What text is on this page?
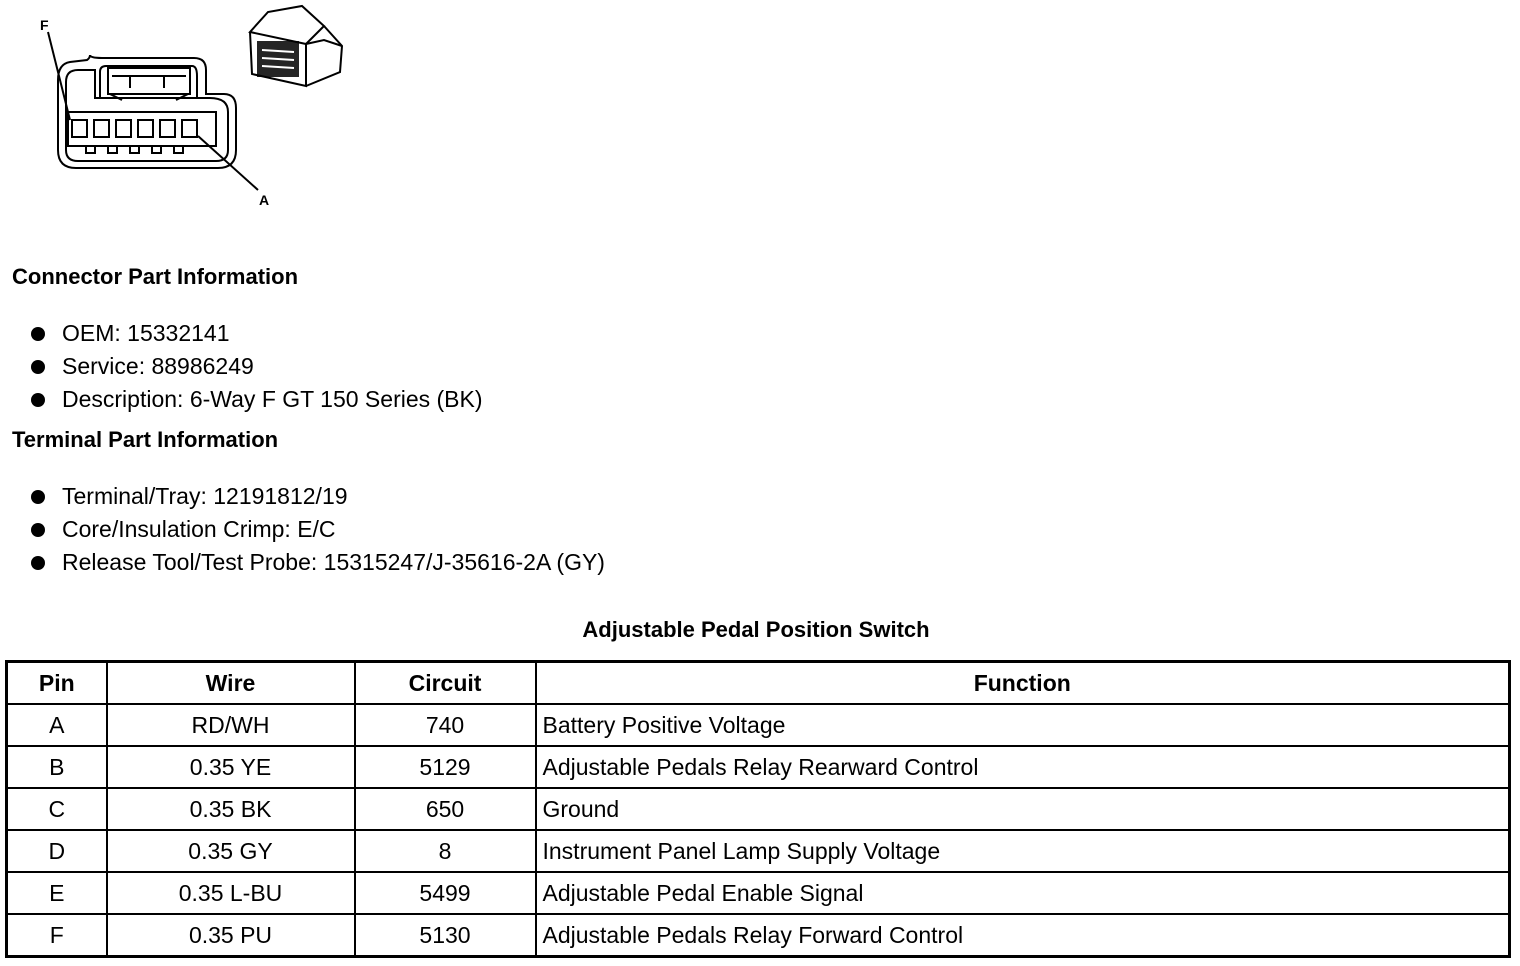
F
A
Connector Part Information
OEM: 15332141
Service: 88986249
Description: 6-Way F GT 150 Series (BK)
Terminal Part Information
Terminal/Tray: 12191812/19
Core/Insulation Crimp: E/C
Release Tool/Test Probe: 15315247/J-35616-2A (GY)
Adjustable Pedal Position Switch
Pin	Wire	Circuit	Function
A	RD/WH	740	Battery Positive Voltage
B	0.35 YE	5129	Adjustable Pedals Relay Rearward Control
C	0.35 BK	650	Ground
D	0.35 GY	8	Instrument Panel Lamp Supply Voltage
E	0.35 L-BU	5499	Adjustable Pedal Enable Signal
F	0.35 PU	5130	Adjustable Pedals Relay Forward Control
